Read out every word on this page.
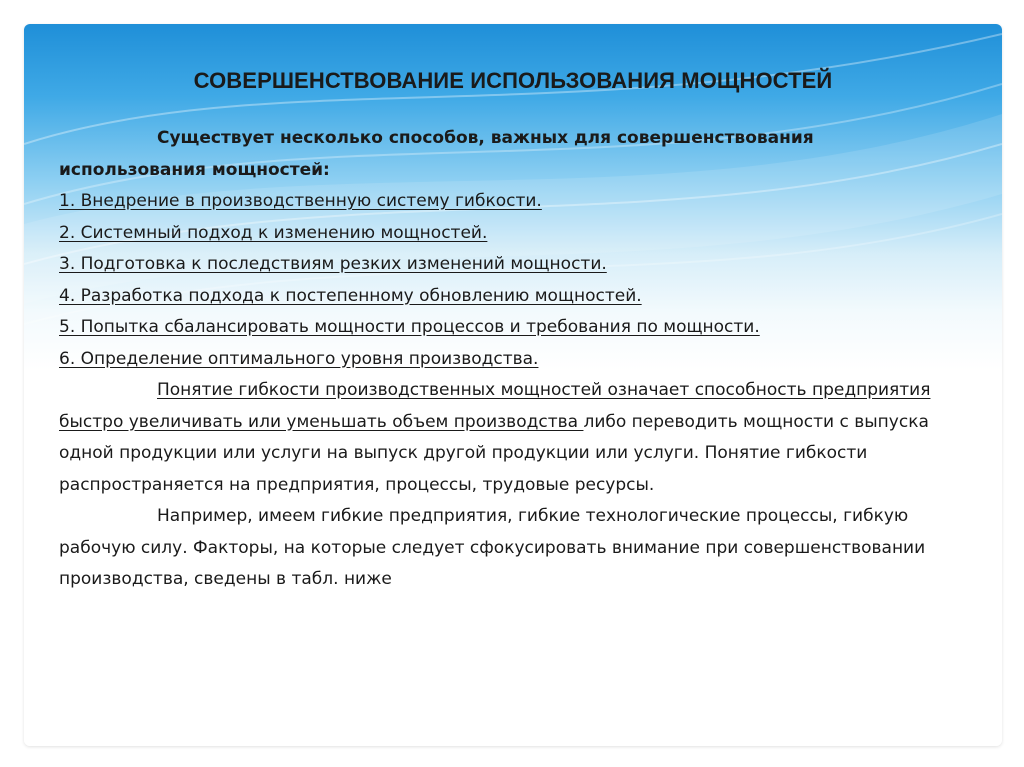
СОВЕРШЕНСТВОВАНИЕ ИСПОЛЬЗОВАНИЯ МОЩНОСТЕЙ

Существует несколько способов, важных для совершенствования использования мощностей:

1. Внедрение в производственную систему гибкости.

2. Системный подход к изменению мощностей.

3. Подготовка к последствиям резких изменений мощности.

4. Разработка подхода к постепенному обновлению мощностей.

5. Попытка сбалансировать мощности процессов и требования по мощности.

6. Определение оптимального уровня производства.

Понятие гибкости производственных мощностей означает способность предприятия быстро увеличивать или уменьшать объем производства либо переводить мощности с выпуска одной продукции или услуги на выпуск другой продукции или услуги. Понятие гибкости распространяется на предприятия, процессы, трудовые ресурсы.

Например, имеем гибкие предприятия, гибкие технологические процессы, гибкую рабочую силу. Факторы, на которые следует сфокусировать внимание при совершенствовании производства, сведены в табл. ниже
